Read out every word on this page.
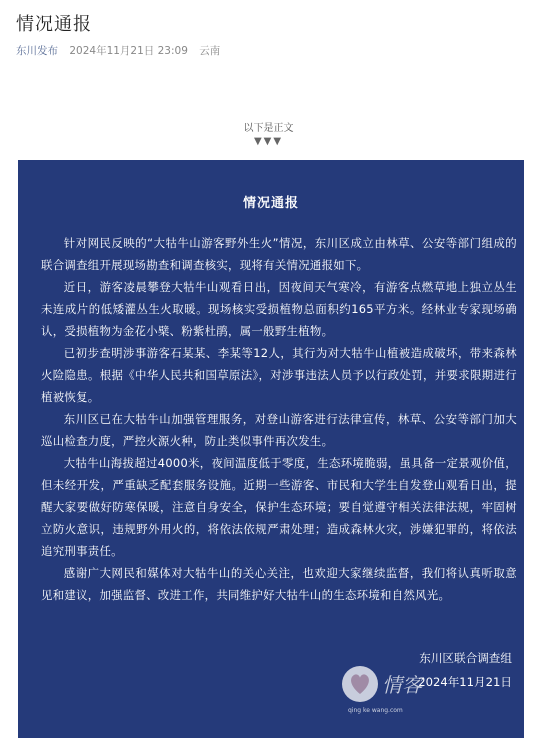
情况通报
东川发布 2024年11月21日 23:09 云南
以下是正文
▼▼▼
情况通报

针对网民反映的“大牯牛山游客野外生火”情况，东川区成立由林草、公安等部门组成的联合调查组开展现场勘查和调查核实，现将有关情况通报如下。

近日，游客凌晨攀登大牯牛山观看日出，因夜间天气寒冷，有游客点燃草地上独立丛生未连成片的低矮灌丛生火取暖。现场核实受损植物总面积约165平方米。经林业专家现场确认，受损植物为金花小檗、粉紫杜鹃，属一般野生植物。

已初步查明涉事游客石某某、李某等12人，其行为对大牯牛山植被造成破坏，带来森林火险隐患。根据《中华人民共和国草原法》，对涉事违法人员予以行政处罚，并要求限期进行植被恢复。

东川区已在大牯牛山加强管理服务，对登山游客进行法律宣传，林草、公安等部门加大巡山检查力度，严控火源火种，防止类似事件再次发生。

大牯牛山海拔超过4000米，夜间温度低于零度，生态环境脆弱，虽具备一定景观价值，但未经开发，严重缺乏配套服务设施。近期一些游客、市民和大学生自发登山观看日出，提醒大家要做好防寒保暖，注意自身安全，保护生态环境；要自觉遵守相关法律法规，牢固树立防火意识，违规野外用火的，将依法依规严肃处理；造成森林火灾，涉嫌犯罪的，将依法追究刑事责任。

感谢广大网民和媒体对大牯牛山的关心关注，也欢迎大家继续监督，我们将认真听取意见和建议，加强监督、改进工作，共同维护好大牯牛山的生态环境和自然风光。

东川区联合调查组
2024年11月21日
情客
qing ke wang.com
